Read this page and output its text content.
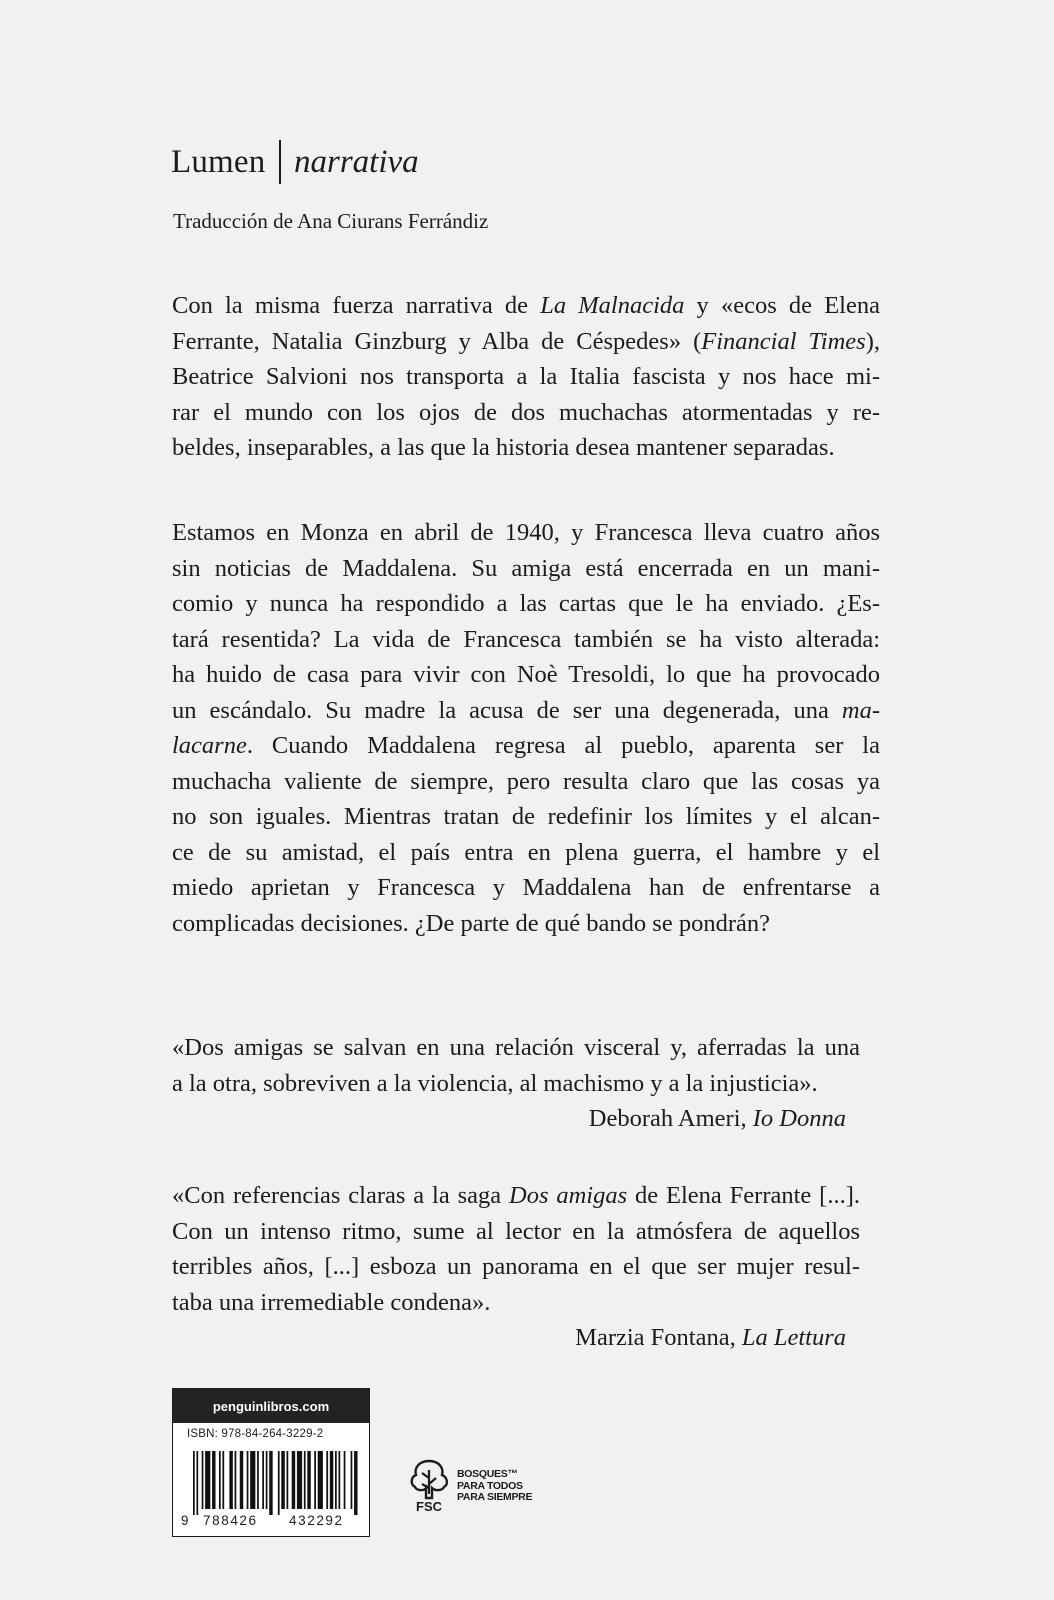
Lumen narrativa
Traducción de Ana Ciurans Ferrándiz

Con la misma fuerza narrativa de La Malnacida y «ecos de Elena

Ferrante, Natalia Ginzburg y Alba de Céspedes» (Financial Times),

Beatrice Salvioni nos transporta a la Italia fascista y nos hace mi-

rar el mundo con los ojos de dos muchachas atormentadas y re-

beldes, inseparables, a las que la historia desea mantener separadas.

Estamos en Monza en abril de 1940, y Francesca lleva cuatro años

sin noticias de Maddalena. Su amiga está encerrada en un mani-

comio y nunca ha respondido a las cartas que le ha enviado. ¿Es-

tará resentida? La vida de Francesca también se ha visto alterada:

ha huido de casa para vivir con Noè Tresoldi, lo que ha provocado

un escándalo. Su madre la acusa de ser una degenerada, una ma-

lacarne. Cuando Maddalena regresa al pueblo, aparenta ser la

muchacha valiente de siempre, pero resulta claro que las cosas ya

no son iguales. Mientras tratan de redefinir los límites y el alcan-

ce de su amistad, el país entra en plena guerra, el hambre y el

miedo aprietan y Francesca y Maddalena han de enfrentarse a

complicadas decisiones. ¿De parte de qué bando se pondrán?

«Dos amigas se salvan en una relación visceral y, aferradas la una

a la otra, sobreviven a la violencia, al machismo y a la injusticia».

Deborah Ameri, Io Donna

«Con referencias claras a la saga Dos amigas de Elena Ferrante [...].

Con un intenso ritmo, sume al lector en la atmósfera de aquellos

terribles años, [...] esboza un panorama en el que ser mujer resul-

taba una irremediable condena».

Marzia Fontana, La Lettura

penguinlibros.com
ISBN: 978-84-264-3229-2
9	788426	432292
FSC
BOSQUES™
PARA TODOS
PARA SIEMPRE
